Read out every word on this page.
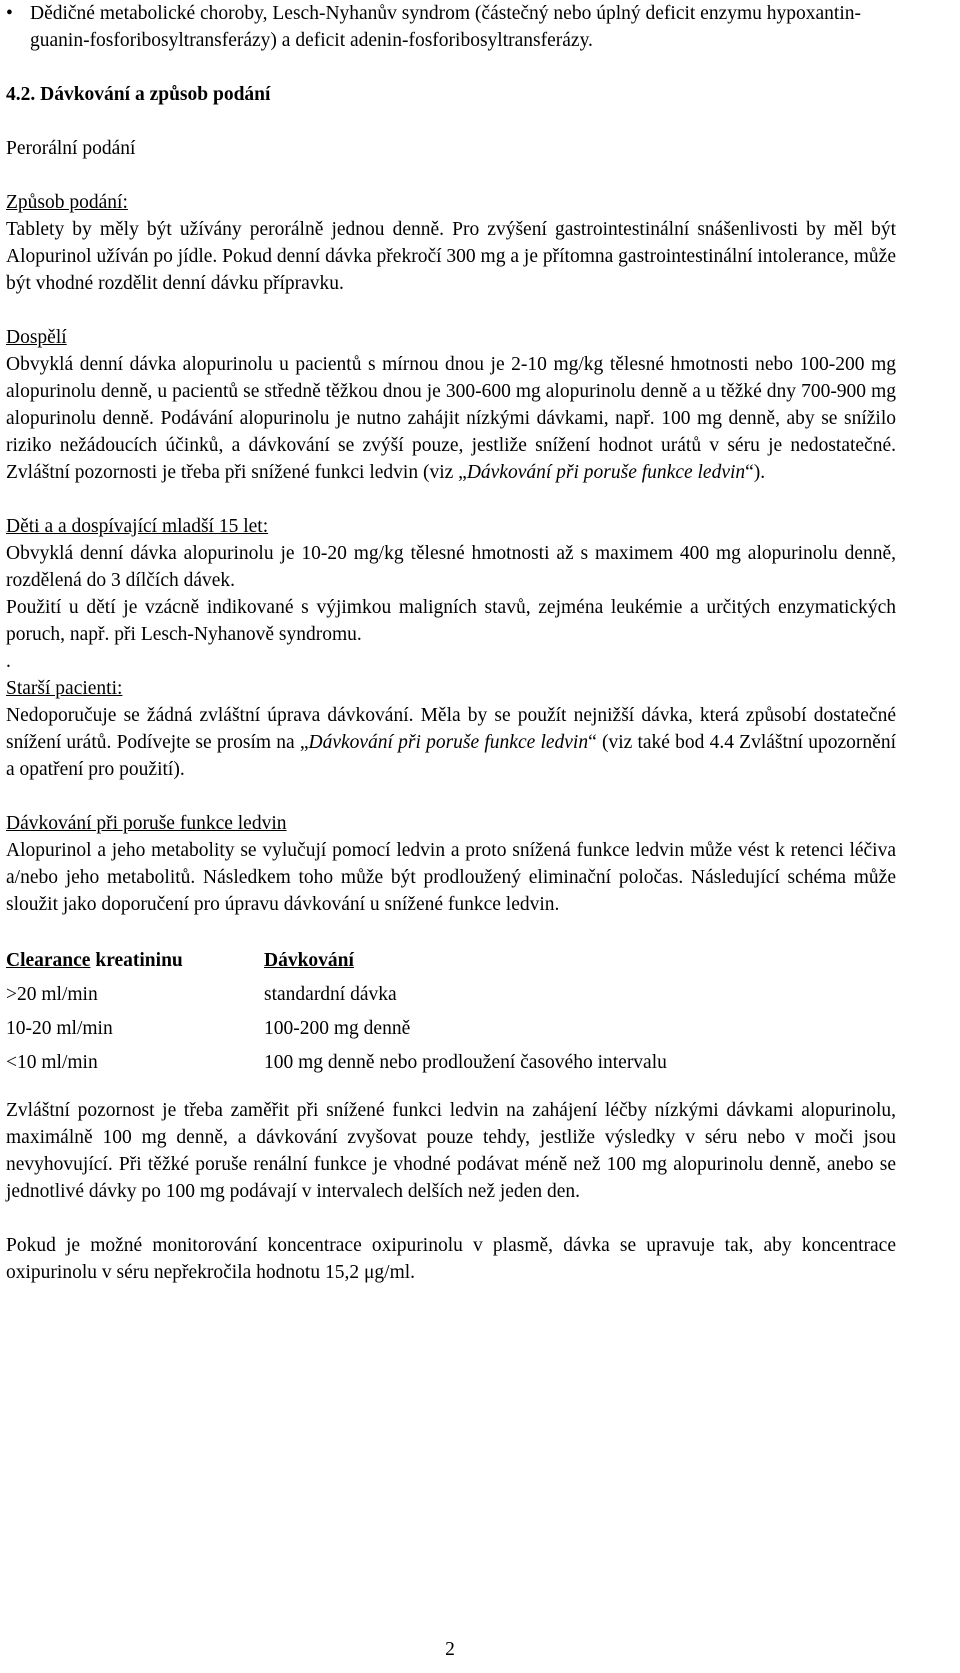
• Dědičné metabolické choroby, Lesch-Nyhanův syndrom (částečný nebo úplný deficit enzymu hypoxantin-guanin-fosforibosyltransferázy) a deficit adenin-fosforibosyltransferázy.

4.2. Dávkování a způsob podání

Perorální podání

Způsob podání:

Tablety by měly být užívány perorálně jednou denně. Pro zvýšení gastrointestinální snášenlivosti by měl být Alopurinol užíván po jídle. Pokud denní dávka překročí 300 mg a je přítomna gastrointestinální intolerance, může být vhodné rozdělit denní dávku přípravku.

Dospělí

Obvyklá denní dávka alopurinolu u pacientů s mírnou dnou je 2-10 mg/kg tělesné hmotnosti nebo 100-200 mg alopurinolu denně, u pacientů se středně těžkou dnou je 300-600 mg alopurinolu denně a u těžké dny 700-900 mg alopurinolu denně. Podávání alopurinolu je nutno zahájit nízkými dávkami, např. 100 mg denně, aby se snížilo riziko nežádoucích účinků, a dávkování se zvýší pouze, jestliže snížení hodnot urátů v séru je nedostatečné. Zvláštní pozornosti je třeba při snížené funkci ledvin (viz „Dávkování při poruše funkce ledvin“).

Děti a a dospívající mladší 15 let:

Obvyklá denní dávka alopurinolu je 10-20 mg/kg tělesné hmotnosti až s maximem 400 mg alopurinolu denně, rozdělená do 3 dílčích dávek.

Použití u dětí je vzácně indikované s výjimkou maligních stavů, zejména leukémie a určitých enzymatických poruch, např. při Lesch-Nyhanově syndromu.

.

Starší pacienti:

Nedoporučuje se žádná zvláštní úprava dávkování. Měla by se použít nejnižší dávka, která způsobí dostatečné snížení urátů. Podívejte se prosím na „Dávkování při poruše funkce ledvin“ (viz také bod 4.4 Zvláštní upozornění a opatření pro použití).

Dávkování při poruše funkce ledvin

Alopurinol a jeho metabolity se vylučují pomocí ledvin a proto snížená funkce ledvin může vést k retenci léčiva a/nebo jeho metabolitů. Následkem toho může být prodloužený eliminační poločas. Následující schéma může sloužit jako doporučení pro úpravu dávkování u snížené funkce ledvin.

Clearance kreatininu	Dávkování
>20 ml/min	standardní dávka
10-20 ml/min	100-200 mg denně
<10 ml/min	100 mg denně nebo prodloužení časového intervalu

Zvláštní pozornost je třeba zaměřit při snížené funkci ledvin na zahájení léčby nízkými dávkami alopurinolu, maximálně 100 mg denně, a dávkování zvyšovat pouze tehdy, jestliže výsledky v séru nebo v moči jsou nevyhovující. Při těžké poruše renální funkce je vhodné podávat méně než 100 mg alopurinolu denně, anebo se jednotlivé dávky po 100 mg podávají v intervalech delších než jeden den.

Pokud je možné monitorování koncentrace oxipurinolu v plasmě, dávka se upravuje tak, aby koncentrace oxipurinolu v séru nepřekročila hodnotu 15,2 μg/ml.

2
